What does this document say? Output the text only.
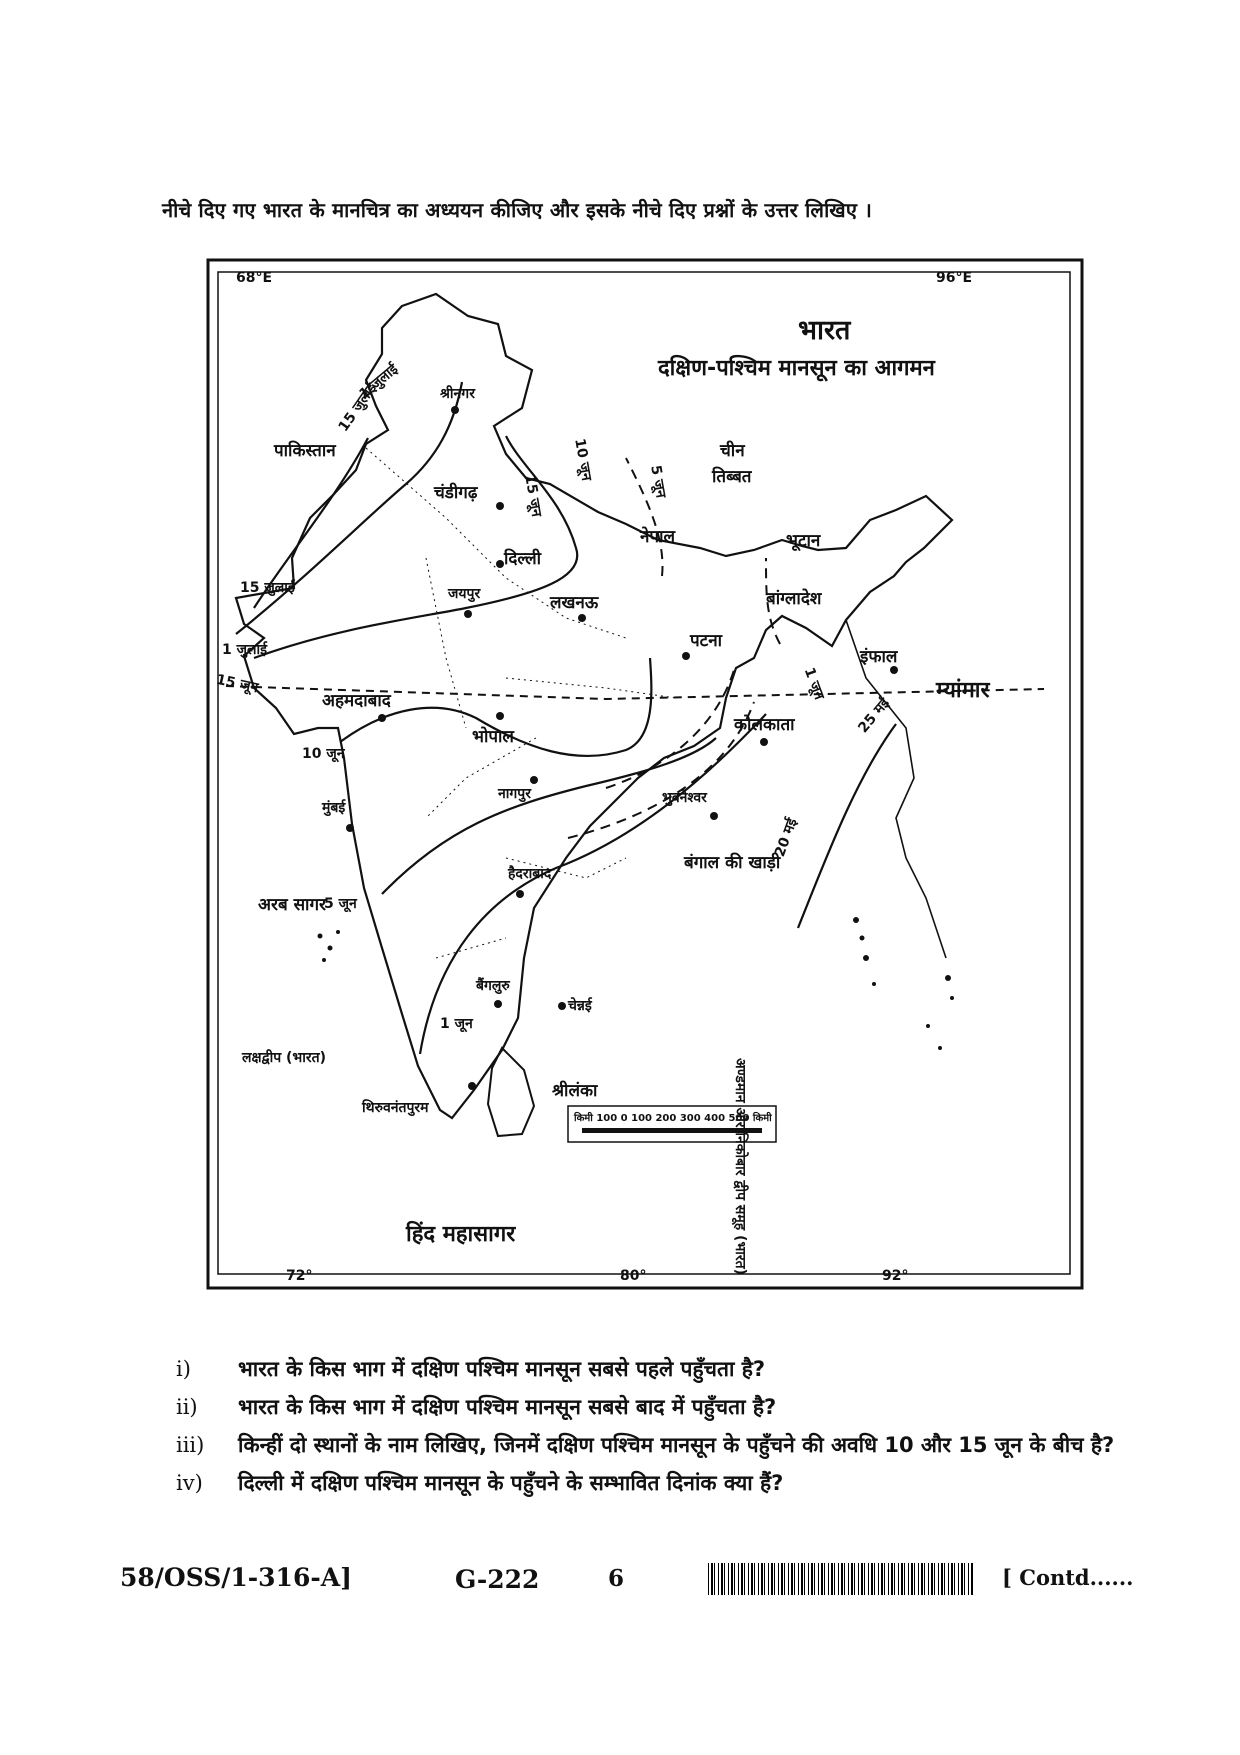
नीचे दिए गए भारत के मानचित्र का अध्ययन कीजिए और इसके नीचे दिए प्रश्नों के उत्तर लिखिए ।
68°E	96°E
भारत
दक्षिण-पश्चिम मानसून का आगमन
पाकिस्तान	चीन
तिब्बत
नेपाल	भूटान
बांग्लादेश
म्यांमार
श्रीलंका
श्रीनगर
चंडीगढ़
दिल्ली
जयपुर	लखनऊ
पटना
इंफाल
अहमदाबाद
भोपाल
कोलकाता
नागपुर	भुवनेश्वर
मुंबई
हैदराबाद
बैंगलुरु
चेन्नई
थिरुवनंतपुरम
अरब सागर
बंगाल की खाड़ी
हिंद महासागर
लक्षद्वीप (भारत)	अण्डमान और निकोबार द्वीप समूह (भारत)
1 जुलाई
15 जुलाई
15 जुलाई
1 जुलाई
15 जून
10 जून
5 जून
1 जून
10 जून
15 जून	5 जून
1 जून
25 मई
20 मई
किमी 100 0 100 200 300 400 500 किमी
72°	80°	92°
i) भारत के किस भाग में दक्षिण पश्चिम मानसून सबसे पहले पहुँचता है?
ii) भारत के किस भाग में दक्षिण पश्चिम मानसून सबसे बाद में पहुँचता है?
iii) किन्हीं दो स्थानों के नाम लिखिए, जिनमें दक्षिण पश्चिम मानसून के पहुँचने की अवधि 10 और 15 जून के बीच है?
iv) दिल्ली में दक्षिण पश्चिम मानसून के पहुँचने के सम्भावित दिनांक क्या हैं?
58/OSS/1-316-A]	G-222	6	[ Contd......
